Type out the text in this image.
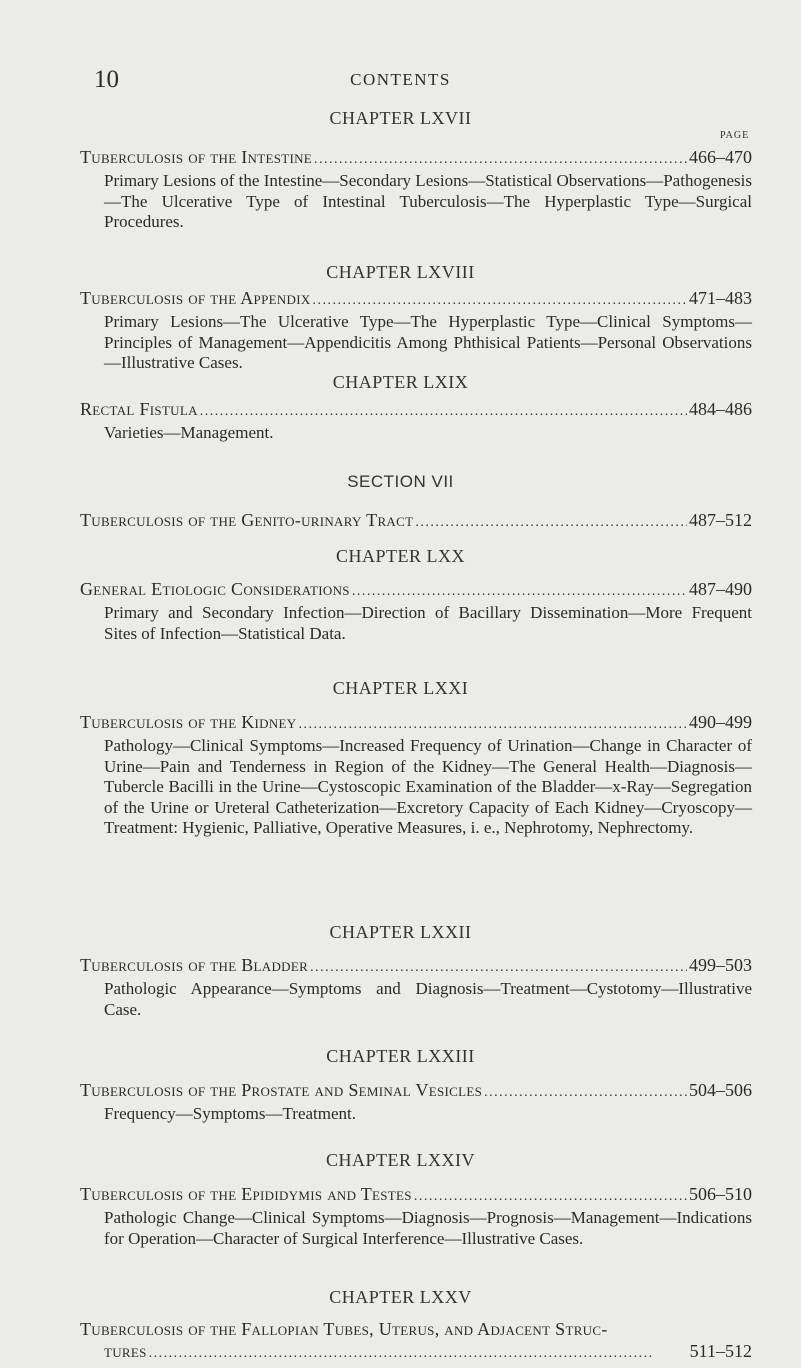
10	CONTENTS
CHAPTER LXVII
PAGE
Tuberculosis of the Intestine . . .	466–470
Primary Lesions of the Intestine—Secondary Lesions—Statistical Observations—Pathogenesis—The Ulcerative Type of Intestinal Tuberculosis—The Hyperplastic Type—Surgical Procedures.
CHAPTER LXVIII
Tuberculosis of the Appendix . . .	471–483
Primary Lesions—The Ulcerative Type—The Hyperplastic Type—Clinical Symptoms—Principles of Management—Appendicitis Among Phthisical Patients—Personal Observations—Illustrative Cases.
CHAPTER LXIX
Rectal Fistula . . .	484–486
Varieties—Management.
SECTION VII
Tuberculosis of the Genito-urinary Tract . . .	487–512
CHAPTER LXX
General Etiologic Considerations . . .	487–490
Primary and Secondary Infection—Direction of Bacillary Dissemination—More Frequent Sites of Infection—Statistical Data.
CHAPTER LXXI
Tuberculosis of the Kidney . . .	490–499
Pathology—Clinical Symptoms—Increased Frequency of Urination—Change in Character of Urine—Pain and Tenderness in Region of the Kidney—The General Health—Diagnosis—Tubercle Bacilli in the Urine—Cystoscopic Examination of the Bladder—x-Ray—Segregation of the Urine or Ureteral Catheterization—Excretory Capacity of Each Kidney—Cryoscopy—Treatment: Hygienic, Palliative, Operative Measures, i. e., Nephrotomy, Nephrectomy.
CHAPTER LXXII
Tuberculosis of the Bladder . . .	499–503
Pathologic Appearance—Symptoms and Diagnosis—Treatment—Cystotomy—Illustrative Case.
CHAPTER LXXIII
Tuberculosis of the Prostate and Seminal Vesicles . . .	504–506
Frequency—Symptoms—Treatment.
CHAPTER LXXIV
Tuberculosis of the Epididymis and Testes . . .	506–510
Pathologic Change—Clinical Symptoms—Diagnosis—Prognosis—Management—Indications for Operation—Character of Surgical Interference—Illustrative Cases.
CHAPTER LXXV
Tuberculosis of the Fallopian Tubes, Uterus, and Adjacent Struc-
tures . . .	511–512
